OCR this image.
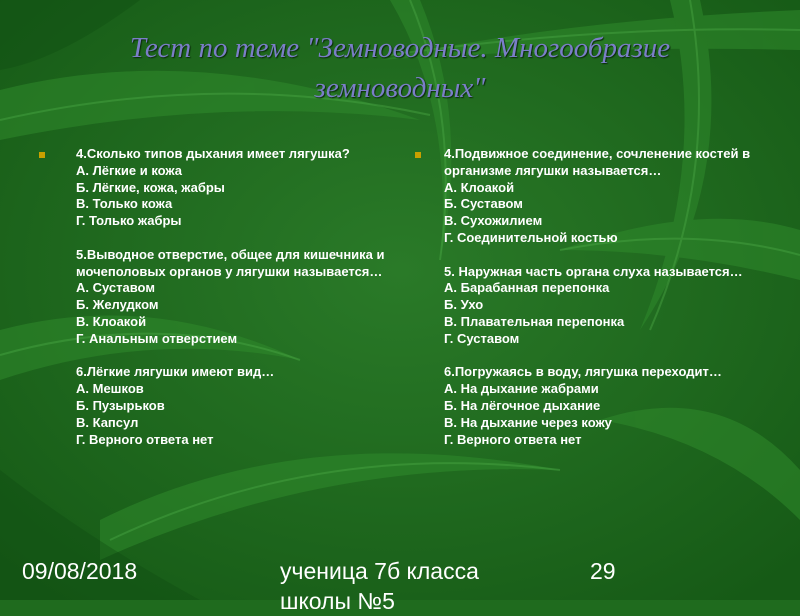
Тест по теме "Земноводные. Многообразие земноводных"
4.Сколько типов дыхания имеет лягушка?
А. Лёгкие и кожа
Б. Лёгкие, кожа, жабры
В. Только кожа
Г. Только жабры
5.Выводное отверстие, общее для кишечника и мочеполовых органов у лягушки называется…
А. Суставом
Б. Желудком
В. Клоакой
Г. Анальным отверстием
6.Лёгкие лягушки имеют вид…
А. Мешков
Б. Пузырьков
В. Капсул
Г. Верного ответа нет
4.Подвижное соединение, сочленение костей в организме лягушки называется…
А. Клоакой
Б. Суставом
В. Сухожилием
Г. Соединительной костью
5. Наружная часть органа слуха называется…
А. Барабанная перепонка
Б. Ухо
В. Плавательная перепонка
Г. Суставом
6.Погружаясь в воду, лягушка переходит…
А. На дыхание жабрами
Б. На лёгочное дыхание
В. На дыхание через кожу
Г. Верного ответа нет
09/08/2018	ученица 7б класса школы №5
29
